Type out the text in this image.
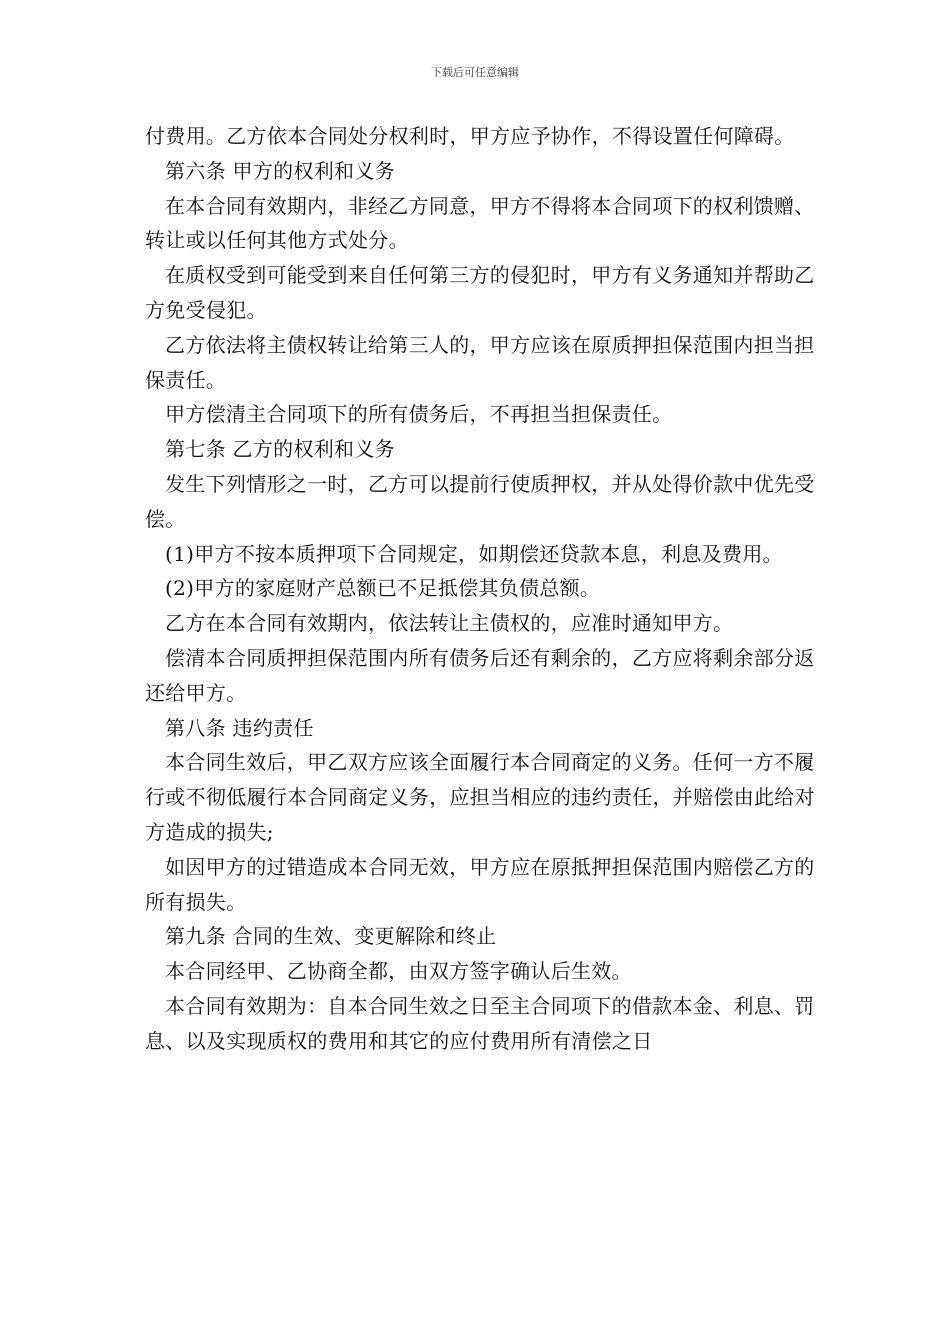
下载后可任意编辑

付费用。乙方依本合同处分权利时，甲方应予协作，不得设置任何障碍。

第六条 甲方的权利和义务

在本合同有效期内，非经乙方同意，甲方不得将本合同项下的权利馈赠、转让或以任何其他方式处分。

在质权受到可能受到来自任何第三方的侵犯时，甲方有义务通知并帮助乙方免受侵犯。

乙方依法将主债权转让给第三人的，甲方应该在原质押担保范围内担当担保责任。

甲方偿清主合同项下的所有债务后，不再担当担保责任。

第七条 乙方的权利和义务

发生下列情形之一时，乙方可以提前行使质押权，并从处得价款中优先受偿。

(1)甲方不按本质押项下合同规定，如期偿还贷款本息，利息及费用。

(2)甲方的家庭财产总额已不足抵偿其负债总额。

乙方在本合同有效期内，依法转让主债权的，应准时通知甲方。

偿清本合同质押担保范围内所有债务后还有剩余的，乙方应将剩余部分返还给甲方。

第八条 违约责任

本合同生效后，甲乙双方应该全面履行本合同商定的义务。任何一方不履行或不彻低履行本合同商定义务，应担当相应的违约责任，并赔偿由此给对方造成的损失;

如因甲方的过错造成本合同无效，甲方应在原抵押担保范围内赔偿乙方的所有损失。

第九条 合同的生效、变更解除和终止

本合同经甲、乙协商全都，由双方签字确认后生效。

本合同有效期为：自本合同生效之日至主合同项下的借款本金、利息、罚息、以及实现质权的费用和其它的应付费用所有清偿之日
